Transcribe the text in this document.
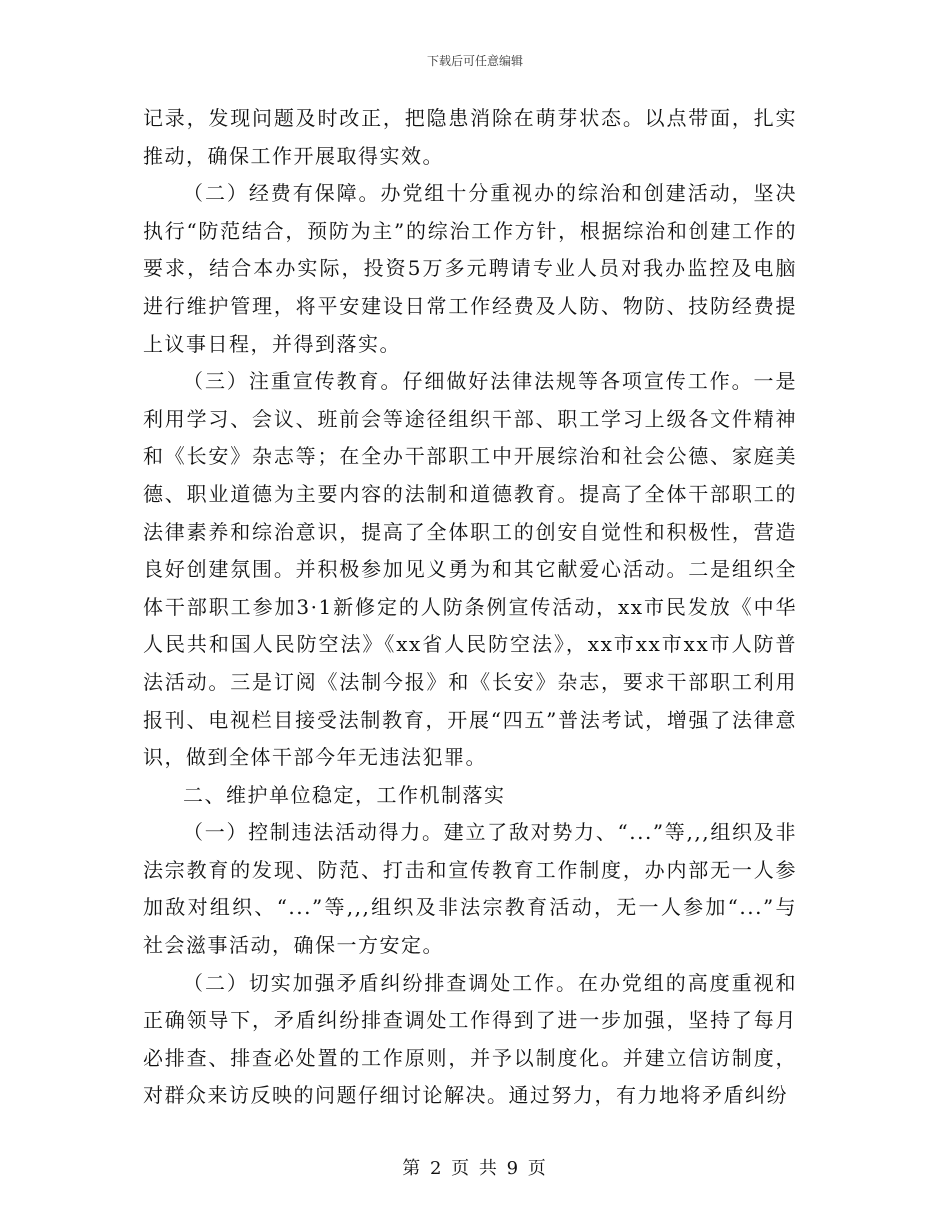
下载后可任意编辑

记录，发现问题及时改正，把隐患消除在萌芽状态。以点带面，扎实推动，确保工作开展取得实效。

（二）经费有保障。办党组十分重视办的综治和创建活动，坚决执行“防范结合，预防为主”的综治工作方针，根据综治和创建工作的要求，结合本办实际，投资5万多元聘请专业人员对我办监控及电脑进行维护管理，将平安建设日常工作经费及人防、物防、技防经费提上议事日程，并得到落实。

（三）注重宣传教育。仔细做好法律法规等各项宣传工作。一是利用学习、会议、班前会等途径组织干部、职工学习上级各文件精神和《长安》杂志等；在全办干部职工中开展综治和社会公德、家庭美德、职业道德为主要内容的法制和道德教育。提高了全体干部职工的法律素养和综治意识，提高了全体职工的创安自觉性和积极性，营造良好创建氛围。并积极参加见义勇为和其它献爱心活动。二是组织全体干部职工参加3·1新修定的人防条例宣传活动，xx市民发放《中华人民共和国人民防空法》《xx省人民防空法》，xx市xx市xx市人防普法活动。三是订阅《法制今报》和《长安》杂志，要求干部职工利用报刊、电视栏目接受法制教育，开展“四五”普法考试，增强了法律意识，做到全体干部今年无违法犯罪。

二、维护单位稳定，工作机制落实

（一）控制违法活动得力。建立了敌对势力、“...”等,,,组织及非法宗教育的发现、防范、打击和宣传教育工作制度，办内部无一人参加敌对组织、“...”等,,,组织及非法宗教育活动，无一人参加“...”与社会滋事活动，确保一方安定。

（二）切实加强矛盾纠纷排查调处工作。在办党组的高度重视和正确领导下，矛盾纠纷排查调处工作得到了进一步加强，坚持了每月必排查、排查必处置的工作原则，并予以制度化。并建立信访制度，对群众来访反映的问题仔细讨论解决。通过努力，有力地将矛盾纠纷

第 2 页 共 9 页
